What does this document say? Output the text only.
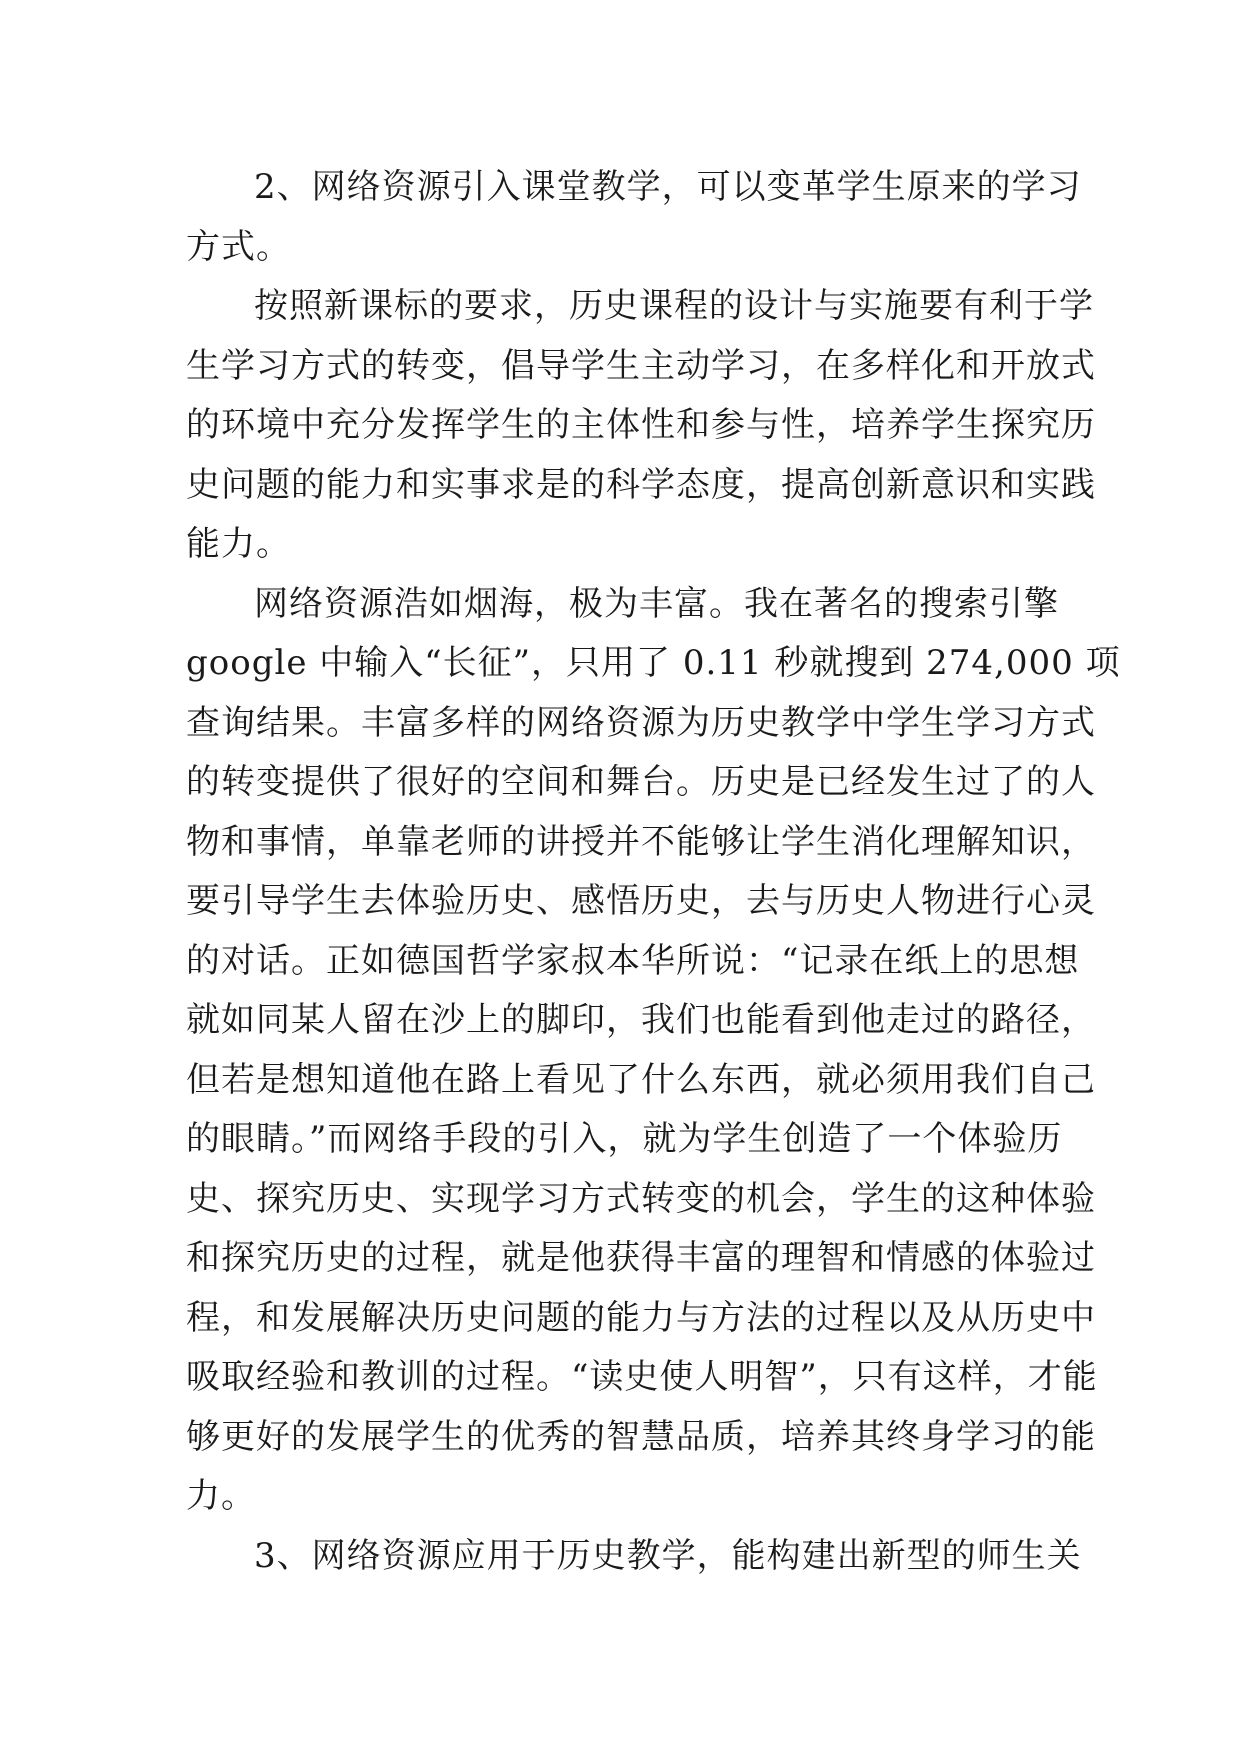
2、网络资源引入课堂教学，可以变革学生原来的学习
方式。
按照新课标的要求，历史课程的设计与实施要有利于学
生学习方式的转变，倡导学生主动学习，在多样化和开放式
的环境中充分发挥学生的主体性和参与性，培养学生探究历
史问题的能力和实事求是的科学态度，提高创新意识和实践
能力。
网络资源浩如烟海，极为丰富。我在著名的搜索引擎
google 中输入“长征”，只用了 0.11 秒就搜到 274,000 项
查询结果。丰富多样的网络资源为历史教学中学生学习方式
的转变提供了很好的空间和舞台。历史是已经发生过了的人
物和事情，单靠老师的讲授并不能够让学生消化理解知识，
要引导学生去体验历史、感悟历史，去与历史人物进行心灵
的对话。正如德国哲学家叔本华所说：“记录在纸上的思想
就如同某人留在沙上的脚印，我们也能看到他走过的路径，
但若是想知道他在路上看见了什么东西，就必须用我们自己
的眼睛。”而网络手段的引入，就为学生创造了一个体验历
史、探究历史、实现学习方式转变的机会，学生的这种体验
和探究历史的过程，就是他获得丰富的理智和情感的体验过
程，和发展解决历史问题的能力与方法的过程以及从历史中
吸取经验和教训的过程。“读史使人明智”，只有这样，才能
够更好的发展学生的优秀的智慧品质，培养其终身学习的能
力。
3、网络资源应用于历史教学，能构建出新型的师生关
